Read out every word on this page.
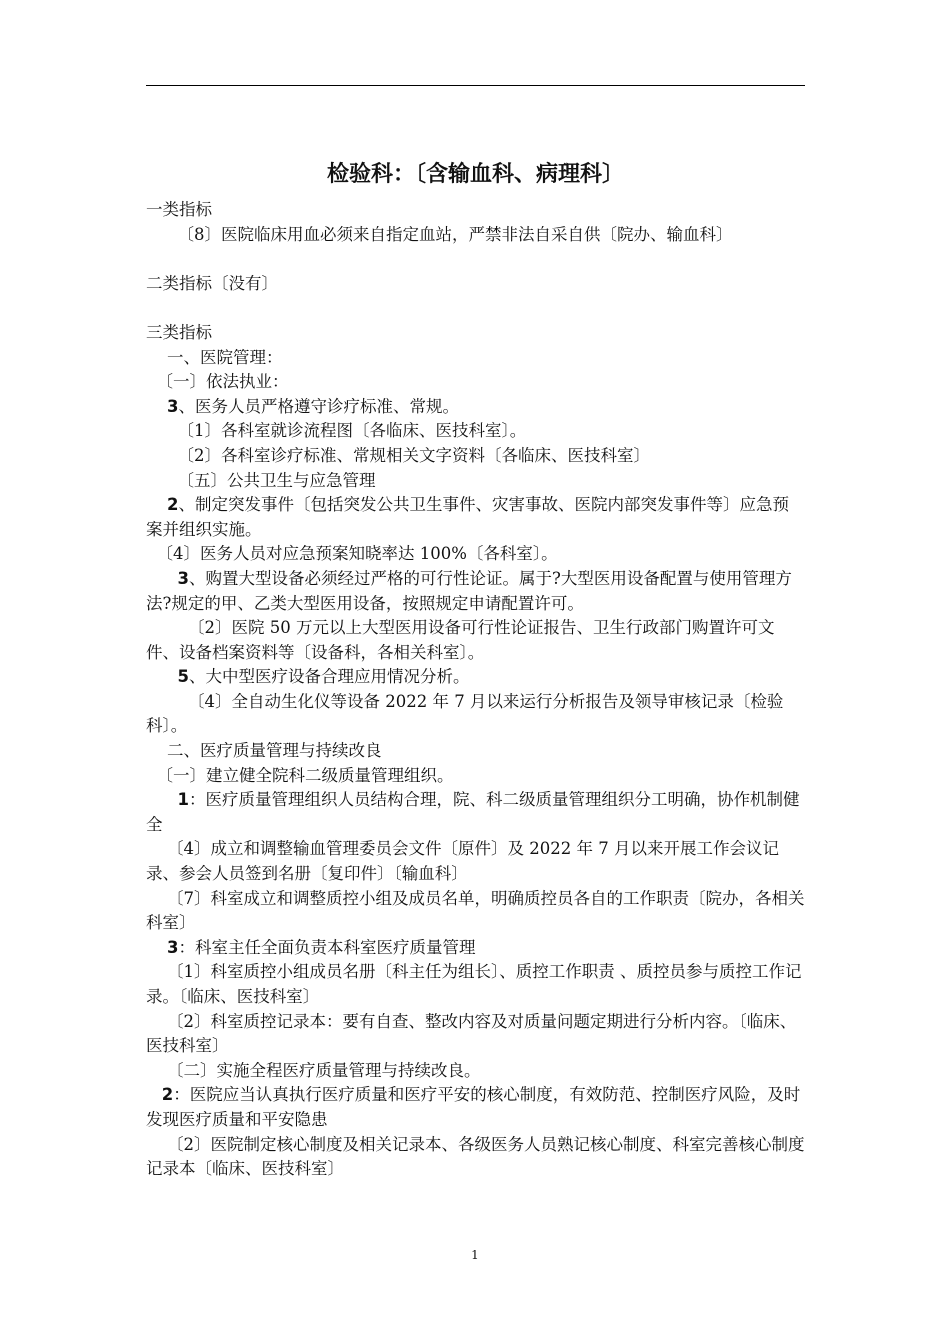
检验科：〔含输血科、病理科〕

一类指标

〔8〕医院临床用血必须来自指定血站，严禁非法自采自供〔院办、输血科〕

二类指标〔没有〕

三类指标

一、医院管理：

〔一〕依法执业：

3、医务人员严格遵守诊疗标准、常规。

〔1〕各科室就诊流程图〔各临床、医技科室〕。

〔2〕各科室诊疗标准、常规相关文字资料〔各临床、医技科室〕

〔五〕公共卫生与应急管理

2、制定突发事件〔包括突发公共卫生事件、灾害事故、医院内部突发事件等〕应急预案并组织实施。

〔4〕医务人员对应急预案知晓率达 100%〔各科室〕。

3、购置大型设备必须经过严格的可行性论证。属于?大型医用设备配置与使用管理方法?规定的甲、乙类大型医用设备，按照规定申请配置许可。

〔2〕医院 50 万元以上大型医用设备可行性论证报告、卫生行政部门购置许可文件、设备档案资料等〔设备科，各相关科室〕。

5、大中型医疗设备合理应用情况分析。

〔4〕全自动生化仪等设备 2022 年 7 月以来运行分析报告及领导审核记录〔检验科〕。

二、医疗质量管理与持续改良

〔一〕建立健全院科二级质量管理组织。

1：医疗质量管理组织人员结构合理，院、科二级质量管理组织分工明确，协作机制健全

〔4〕成立和调整输血管理委员会文件〔原件〕及 2022 年 7 月以来开展工作会议记录、参会人员签到名册〔复印件〕〔输血科〕

〔7〕科室成立和调整质控小组及成员名单，明确质控员各自的工作职责〔院办，各相关科室〕

3：科室主任全面负责本科室医疗质量管理

〔1〕科室质控小组成员名册〔科主任为组长〕、质控工作职责 、质控员参与质控工作记录。〔临床、医技科室〕

〔2〕科室质控记录本：要有自查、整改内容及对质量问题定期进行分析内容。〔临床、医技科室〕

〔二〕实施全程医疗质量管理与持续改良。

2：医院应当认真执行医疗质量和医疗平安的核心制度，有效防范、控制医疗风险，及时发现医疗质量和平安隐患

〔2〕医院制定核心制度及相关记录本、各级医务人员熟记核心制度、科室完善核心制度记录本〔临床、医技科室〕

1
